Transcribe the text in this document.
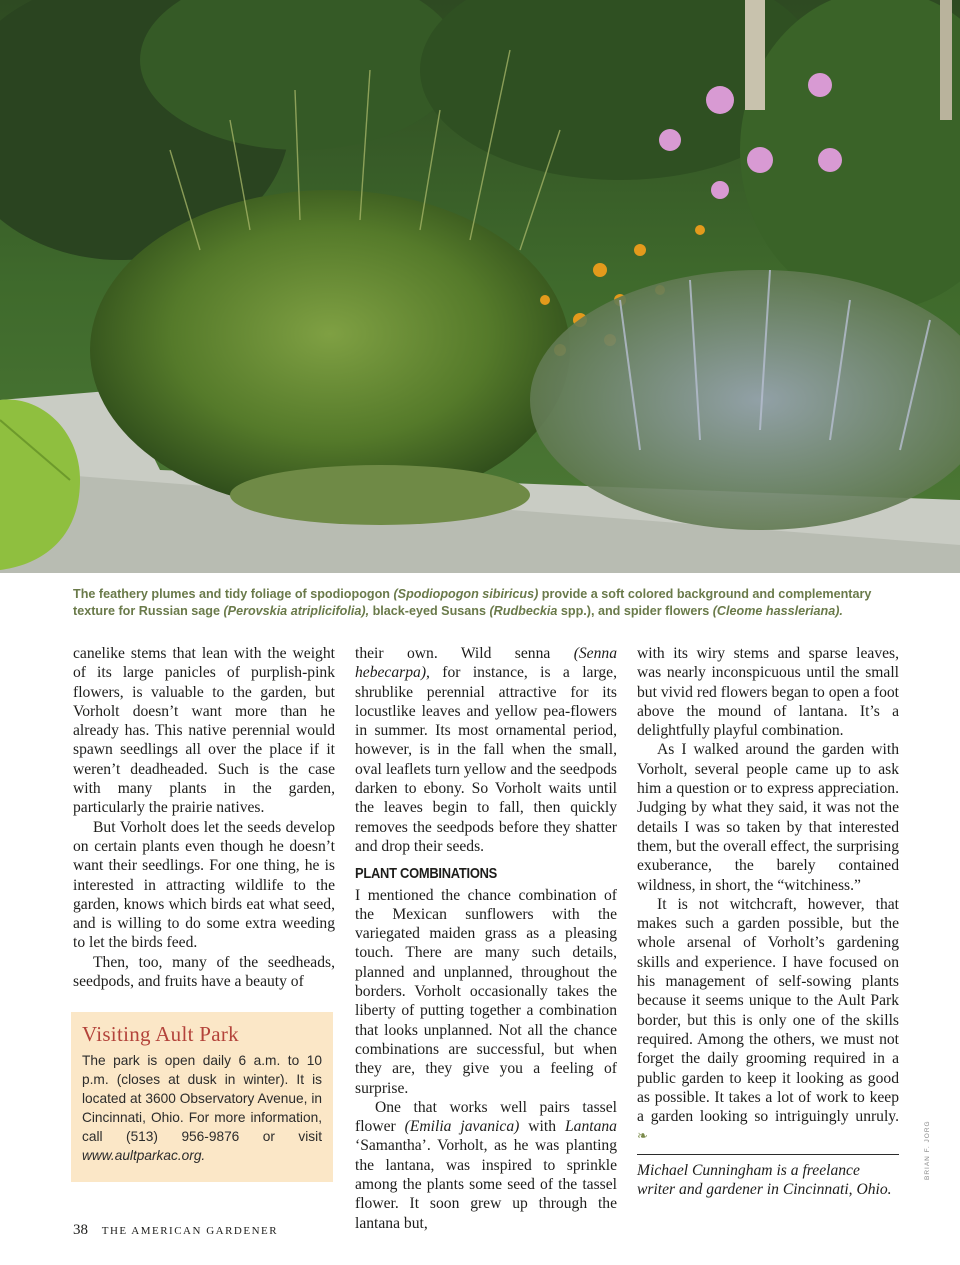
The feathery plumes and tidy foliage of spodiopogon (Spodiopogon sibiricus) provide a soft colored background and complementary texture for Russian sage (Perovskia atriplicifolia), black-eyed Susans (Rudbeckia spp.), and spider flowers (Cleome hassleriana).

canelike stems that lean with the weight of its large panicles of purplish-pink flowers, is valuable to the garden, but Vorholt doesn’t want more than he already has. This native perennial would spawn seedlings all over the place if it weren’t deadheaded. Such is the case with many plants in the garden, particularly the prairie natives.

But Vorholt does let the seeds develop on certain plants even though he doesn’t want their seedlings. For one thing, he is interested in attracting wildlife to the garden, knows which birds eat what seed, and is willing to do some extra weeding to let the birds feed.

Then, too, many of the seedheads, seedpods, and fruits have a beauty of

Visiting Ault Park
The park is open daily 6 a.m. to 10 p.m. (closes at dusk in winter). It is located at 3600 Observatory Avenue, in Cincinnati, Ohio. For more information, call (513) 956-9876 or visit www.aultparkac.org.

their own. Wild senna (Senna hebecarpa), for instance, is a large, shrublike perennial attractive for its locustlike leaves and yellow pea-flowers in summer. Its most ornamental period, however, is in the fall when the small, oval leaflets turn yellow and the seedpods darken to ebony. So Vorholt waits until the leaves begin to fall, then quickly removes the seedpods before they shatter and drop their seeds.

PLANT COMBINATIONS

I mentioned the chance combination of the Mexican sunflowers with the variegated maiden grass as a pleasing touch. There are many such details, planned and unplanned, throughout the borders. Vorholt occasionally takes the liberty of putting together a combination that looks unplanned. Not all the chance combinations are successful, but when they are, they give you a feeling of surprise.

One that works well pairs tassel flower (Emilia javanica) with Lantana ‘Samantha’. Vorholt, as he was planting the lantana, was inspired to sprinkle among the plants some seed of the tassel flower. It soon grew up through the lantana but,

with its wiry stems and sparse leaves, was nearly inconspicuous until the small but vivid red flowers began to open a foot above the mound of lantana. It’s a delightfully playful combination.

As I walked around the garden with Vorholt, several people came up to ask him a question or to express appreciation. Judging by what they said, it was not the details I was so taken by that interested them, but the overall effect, the surprising exuberance, the barely contained wildness, in short, the “witchiness.”

It is not witchcraft, however, that makes such a garden possible, but the whole arsenal of Vorholt’s gardening skills and experience. I have focused on his management of self-sowing plants because it seems unique to the Ault Park border, but this is only one of the skills required. Among the others, we must not forget the daily grooming required in a public garden to keep it looking as good as possible. It takes a lot of work to keep a garden looking so intriguingly unruly. ❧

Michael Cunningham is a freelance writer and gardener in Cincinnati, Ohio.

BRIAN F. JORG
38 THE AMERICAN GARDENER
